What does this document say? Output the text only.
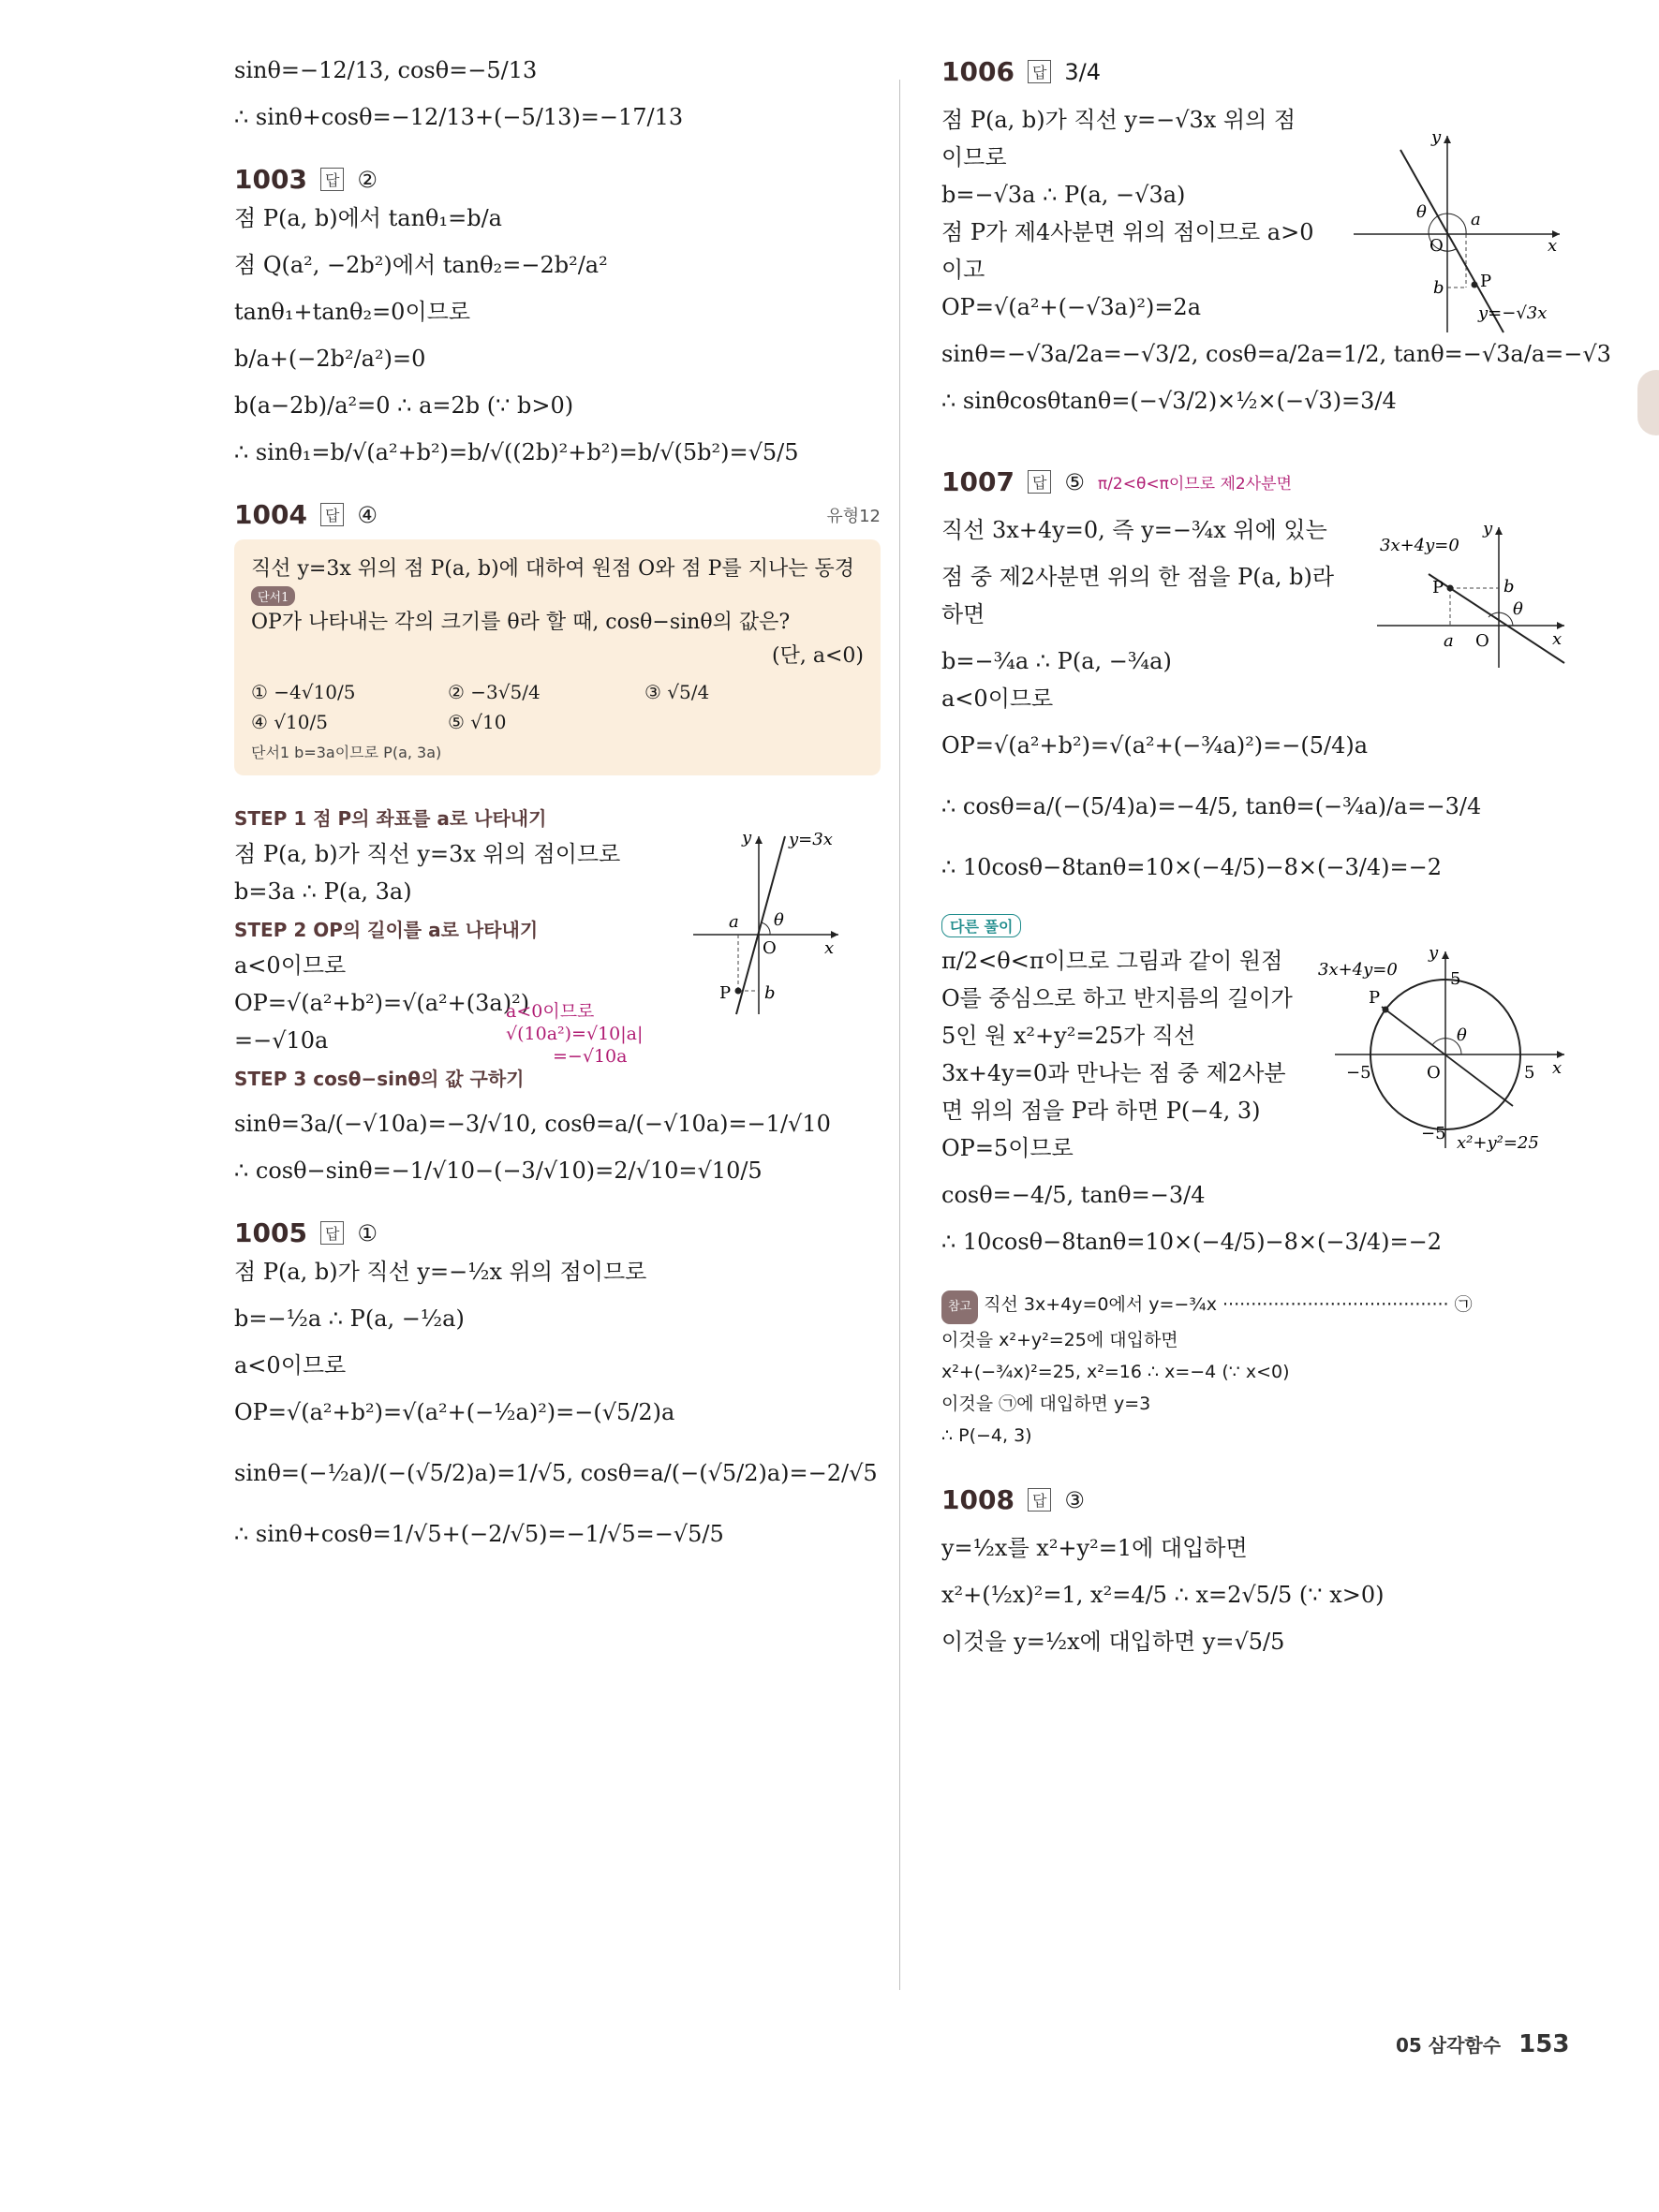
sinθ=−12/13, cosθ=−5/13

∴ sinθ+cosθ=−12/13+(−5/13)=−17/13

1003	답 ②

점 P(a, b)에서 tanθ₁=b/a

점 Q(a², −2b²)에서 tanθ₂=−2b²/a²

tanθ₁+tanθ₂=0이므로

b/a+(−2b²/a²)=0

b(a−2b)/a²=0 ∴ a=2b (∵ b>0)

∴ sinθ₁=b/√(a²+b²)=b/√((2b)²+b²)=b/√(5b²)=√5/5

1004	답 ④	유형12

직선 y=3x 위의 점 P(a, b)에 대하여 원점 O와 점 P를 지나는 동경

단서1

OP가 나타내는 각의 크기를 θ라 할 때, cosθ−sinθ의 값은?

(단, a<0)

① −4√10/5	② −3√5/4	③ √5/4
④ √10/5	⑤ √10
단서1 b=3a이므로 P(a, 3a)
STEP 1 점 P의 좌표를 a로 나타내기

점 P(a, b)가 직선 y=3x 위의 점이므로

b=3a ∴ P(a, 3a)

STEP 2 OP의 길이를 a로 나타내기

a<0이므로

OP=√(a²+b²)=√(a²+(3a)²)

=−√10a

a<0이므로
√(10a²)=√10|a|
=−√10a
STEP 3 cosθ−sinθ의 값 구하기

sinθ=3a/(−√10a)=−3/√10, cosθ=a/(−√10a)=−1/√10

∴ cosθ−sinθ=−1/√10−(−3/√10)=2/√10=√10/5

y y=3x
θ
a
O	x
P b
1005	답 ①

점 P(a, b)가 직선 y=−½x 위의 점이므로

b=−½a ∴ P(a, −½a)

a<0이므로

OP=√(a²+b²)=√(a²+(−½a)²)=−(√5/2)a

sinθ=(−½a)/(−(√5/2)a)=1/√5, cosθ=a/(−(√5/2)a)=−2/√5

∴ sinθ+cosθ=1/√5+(−2/√5)=−1/√5=−√5/5

1006	답 3/4

점 P(a, b)가 직선 y=−√3x 위의 점

이므로

b=−√3a ∴ P(a, −√3a)

점 P가 제4사분면 위의 점이므로 a>0

이고

OP=√(a²+(−√3a)²)=2a

sinθ=−√3a/2a=−√3/2, cosθ=a/2a=1/2, tanθ=−√3a/a=−√3

∴ sinθcosθtanθ=(−√3/2)×½×(−√3)=3/4

y
θ	a
O	x
b P
y=−√3x
1007	답 ⑤ π/2<θ<π이므로 제2사분면

직선 3x+4y=0, 즉 y=−¾x 위에 있는

점 중 제2사분면 위의 한 점을 P(a, b)라

하면

b=−¾a ∴ P(a, −¾a)

a<0이므로

OP=√(a²+b²)=√(a²+(−¾a)²)=−(5/4)a

∴ cosθ=a/(−(5/4)a)=−4/5, tanθ=(−¾a)/a=−3/4

∴ 10cosθ−8tanθ=10×(−4/5)−8×(−3/4)=−2

3x+4y=0
y
P	b
θ
a O	x
다른 풀이

π/2<θ<π이므로 그림과 같이 원점

O를 중심으로 하고 반지름의 길이가

5인 원 x²+y²=25가 직선

3x+4y=0과 만나는 점 중 제2사분

면 위의 점을 P라 하면 P(−4, 3)

OP=5이므로

cosθ=−4/5, tanθ=−3/4

∴ 10cosθ−8tanθ=10×(−4/5)−8×(−3/4)=−2

3x+4y=0
y
5
P
θ
−5	O	5 x
−5 x²+y²=25
참고 직선 3x+4y=0에서 y=−¾x ········································ ㉠
이것을 x²+y²=25에 대입하면
x²+(−¾x)²=25, x²=16 ∴ x=−4 (∵ x<0)
이것을 ㉠에 대입하면 y=3
∴ P(−4, 3)
1008	답 ③

y=½x를 x²+y²=1에 대입하면

x²+(½x)²=1, x²=4/5 ∴ x=2√5/5 (∵ x>0)

이것을 y=½x에 대입하면 y=√5/5

05 삼각함수 153
